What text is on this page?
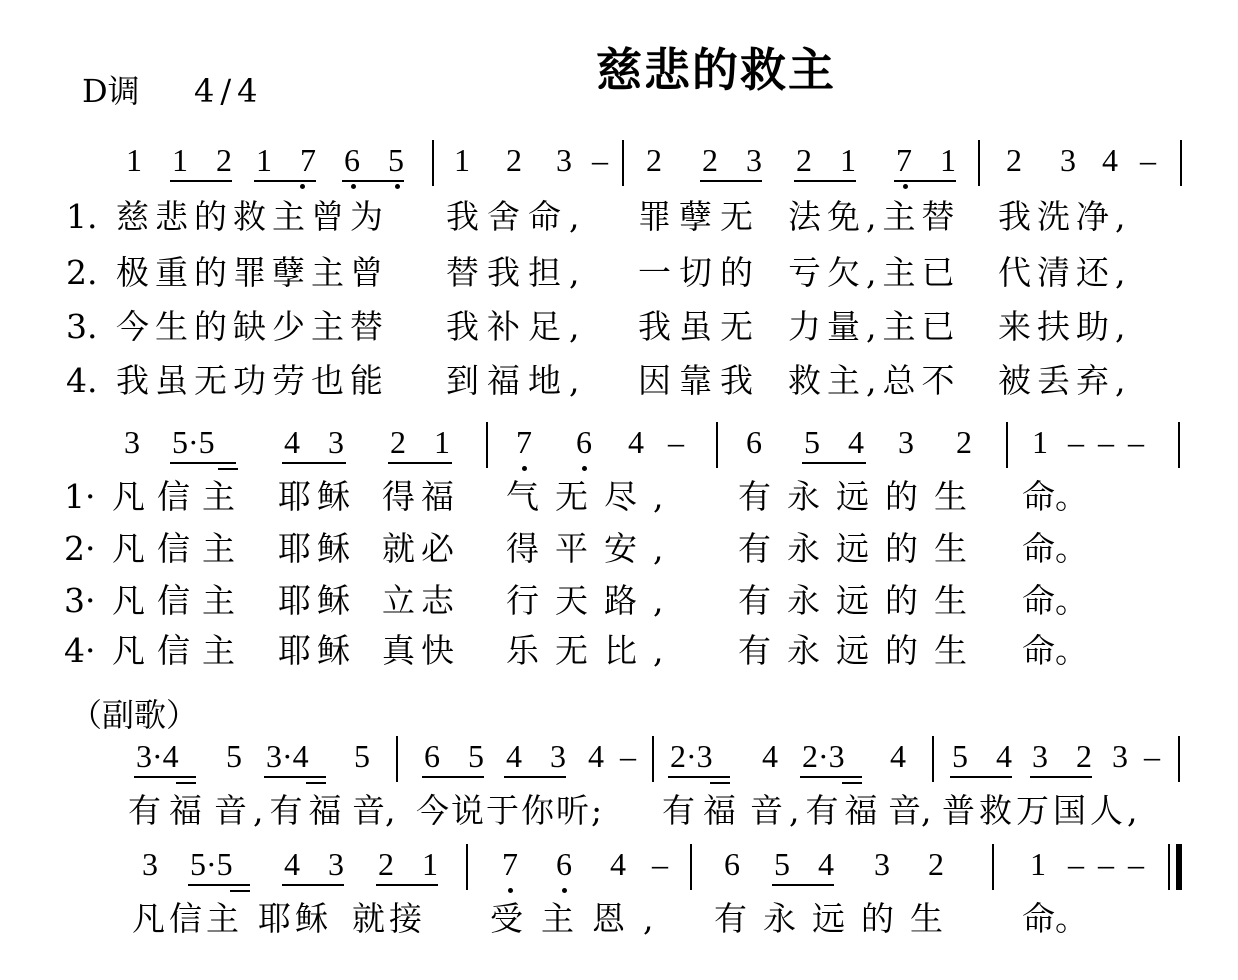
慈悲的救主
D调 4/4
1 1 2 1 7 6 5 1 2 3 – 2 2 3 2 1 7 1 2 3 4 –
1. 慈悲的救主曾为 我舍命, 罪孽无 法免,主替 我洗净,
2. 极重的罪孽主曾 替我担, 一切的 亏欠,主已 代清还,
3. 今生的缺少主替 我补足, 我虽无 力量,主已 来扶助,
4. 我虽无功劳也能 到福地, 因靠我 救主,总不 被丢弃,
3 5·5 4 3 2 1 7 6 4 – 6 5 4 3 2 1 – – –
1· 凡信主 耶稣 得福 气无尽, 有永远的生 命。
2· 凡信主 耶稣 就必 得平安, 有永远的生 命。
3· 凡信主 耶稣 立志 行天路, 有永远的生 命。
4· 凡信主 耶稣 真快 乐无比, 有永远的生 命。
（副歌）
3·4 5 3·4 5 6 5 4 3 4 – 2·3 4 2·3 4 5 4 3 2 3 –
有福 音,有福 音, 今说于你听; 有福 音,有福 音, 普救万国人,
3 5·5 4 3 2 1 7 6 4 – 6 5 4 3 2	1 – – –
凡信主 耶稣 就接 受主恩, 有永远的生 命。
